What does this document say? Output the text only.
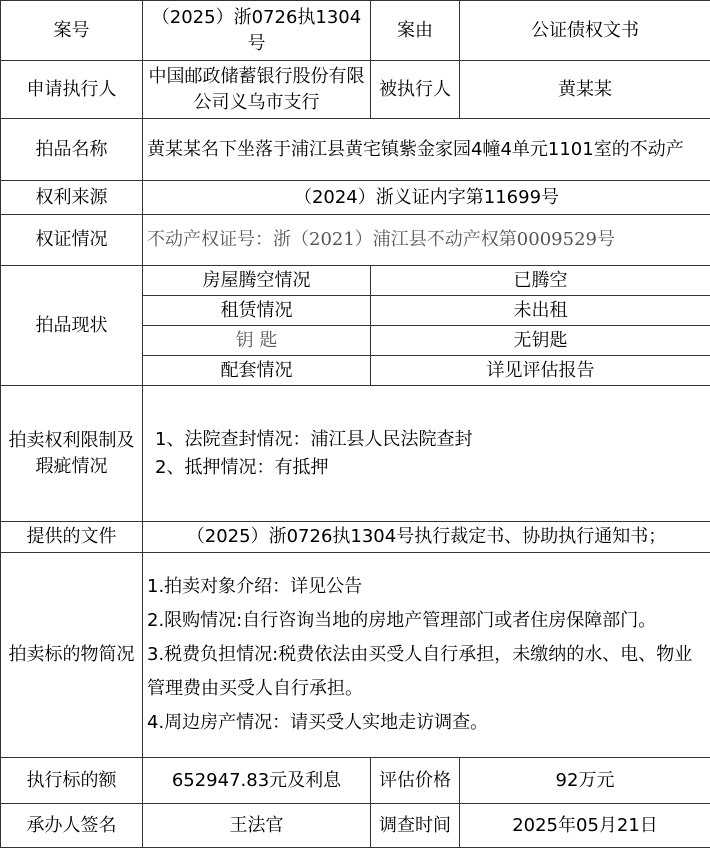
案号	（2025）浙0726执1304号	案由	公证债权文书
申请执行人	中国邮政储蓄银行股份有限公司义乌市支行	被执行人	黄某某
拍品名称	黄某某名下坐落于浦江县黄宅镇紫金家园4幢4单元1101室的不动产		
权利来源	（2024）浙义证内字第11699号		
权证情况	不动产权证号：浙（2021）浦江县不动产权第0009529号		
拍品现状	房屋腾空情况	已腾空	
	租赁情况	未出租	
	钥 匙	无钥匙	
	配套情况	详见评估报告	
拍卖权利限制及瑕疵情况	1、法院查封情况：浦江县人民法院查封
2、抵押情况：有抵押		

提供的文件	（2025）浙0726执1304号执行裁定书、协助执行通知书；		
拍卖标的物简况	1.拍卖对象介绍：详见公告
2.限购情况:自行咨询当地的房地产管理部门或者住房保障部门。
3.税费负担情况:税费依法由买受人自行承担，未缴纳的水、电、物业管理费由买受人自行承担。
4.周边房产情况：请买受人实地走访调查。		

执行标的额	652947.83元及利息	评估价格	92万元
承办人签名	王法官	调查时间	2025年05月21日
